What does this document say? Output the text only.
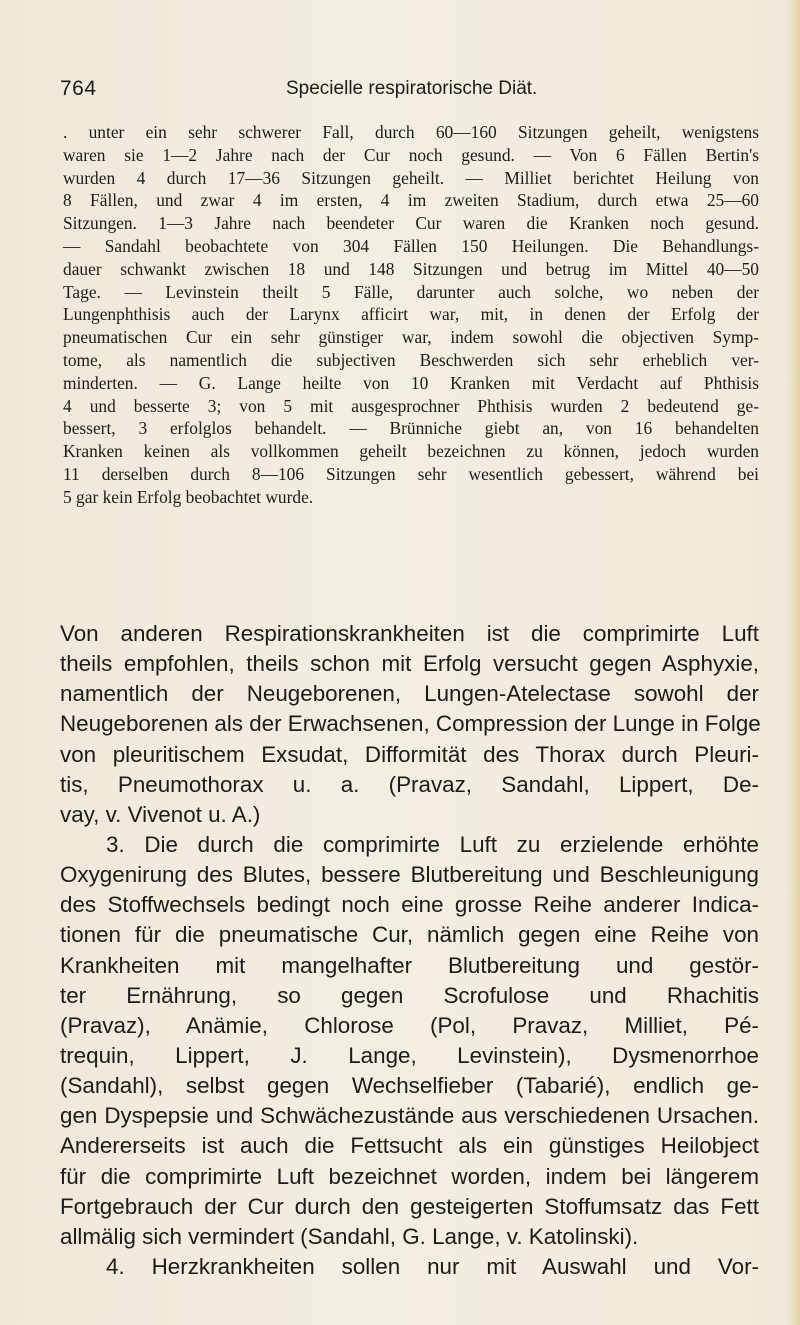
764	Specielle respiratorische Diät.
. unter ein sehr schwerer Fall, durch 60—160 Sitzungen geheilt, wenigstens
waren sie 1—2 Jahre nach der Cur noch gesund. — Von 6 Fällen Bertin's
wurden 4 durch 17—36 Sitzungen geheilt. — Milliet berichtet Heilung von
8 Fällen, und zwar 4 im ersten, 4 im zweiten Stadium, durch etwa 25—60
Sitzungen. 1—3 Jahre nach beendeter Cur waren die Kranken noch gesund.
— Sandahl beobachtete von 304 Fällen 150 Heilungen. Die Behandlungs-
dauer schwankt zwischen 18 und 148 Sitzungen und betrug im Mittel 40—50
Tage. — Levinstein theilt 5 Fälle, darunter auch solche, wo neben der
Lungenphthisis auch der Larynx afficirt war, mit, in denen der Erfolg der
pneumatischen Cur ein sehr günstiger war, indem sowohl die objectiven Symp-
tome, als namentlich die subjectiven Beschwerden sich sehr erheblich ver-
minderten. — G. Lange heilte von 10 Kranken mit Verdacht auf Phthisis
4 und besserte 3; von 5 mit ausgesprochner Phthisis wurden 2 bedeutend ge-
bessert, 3 erfolglos behandelt. — Brünniche giebt an, von 16 behandelten
Kranken keinen als vollkommen geheilt bezeichnen zu können, jedoch wurden
11 derselben durch 8—106 Sitzungen sehr wesentlich gebessert, während bei
5 gar kein Erfolg beobachtet wurde.
Von anderen Respirationskrankheiten ist die comprimirte Luft
theils empfohlen, theils schon mit Erfolg versucht gegen Asphyxie,
namentlich der Neugeborenen, Lungen-Atelectase sowohl der
Neugeborenen als der Erwachsenen, Compression der Lunge in Folge
von pleuritischem Exsudat, Difformität des Thorax durch Pleuri-
tis, Pneumothorax u. a. (Pravaz, Sandahl, Lippert, De-
vay, v. Vivenot u. A.)
3. Die durch die comprimirte Luft zu erzielende erhöhte
Oxygenirung des Blutes, bessere Blutbereitung und Beschleunigung
des Stoffwechsels bedingt noch eine grosse Reihe anderer Indica-
tionen für die pneumatische Cur, nämlich gegen eine Reihe von
Krankheiten mit mangelhafter Blutbereitung und gestör-
ter Ernährung, so gegen Scrofulose und Rhachitis
(Pravaz), Anämie, Chlorose (Pol, Pravaz, Milliet, Pé-
trequin, Lippert, J. Lange, Levinstein), Dysmenorrhoe
(Sandahl), selbst gegen Wechselfieber (Tabarié), endlich ge-
gen Dyspepsie und Schwächezustände aus verschiedenen Ursachen.
Andererseits ist auch die Fettsucht als ein günstiges Heilobject
für die comprimirte Luft bezeichnet worden, indem bei längerem
Fortgebrauch der Cur durch den gesteigerten Stoffumsatz das Fett
allmälig sich vermindert (Sandahl, G. Lange, v. Katolinski).
4. Herzkrankheiten sollen nur mit Auswahl und Vor-
